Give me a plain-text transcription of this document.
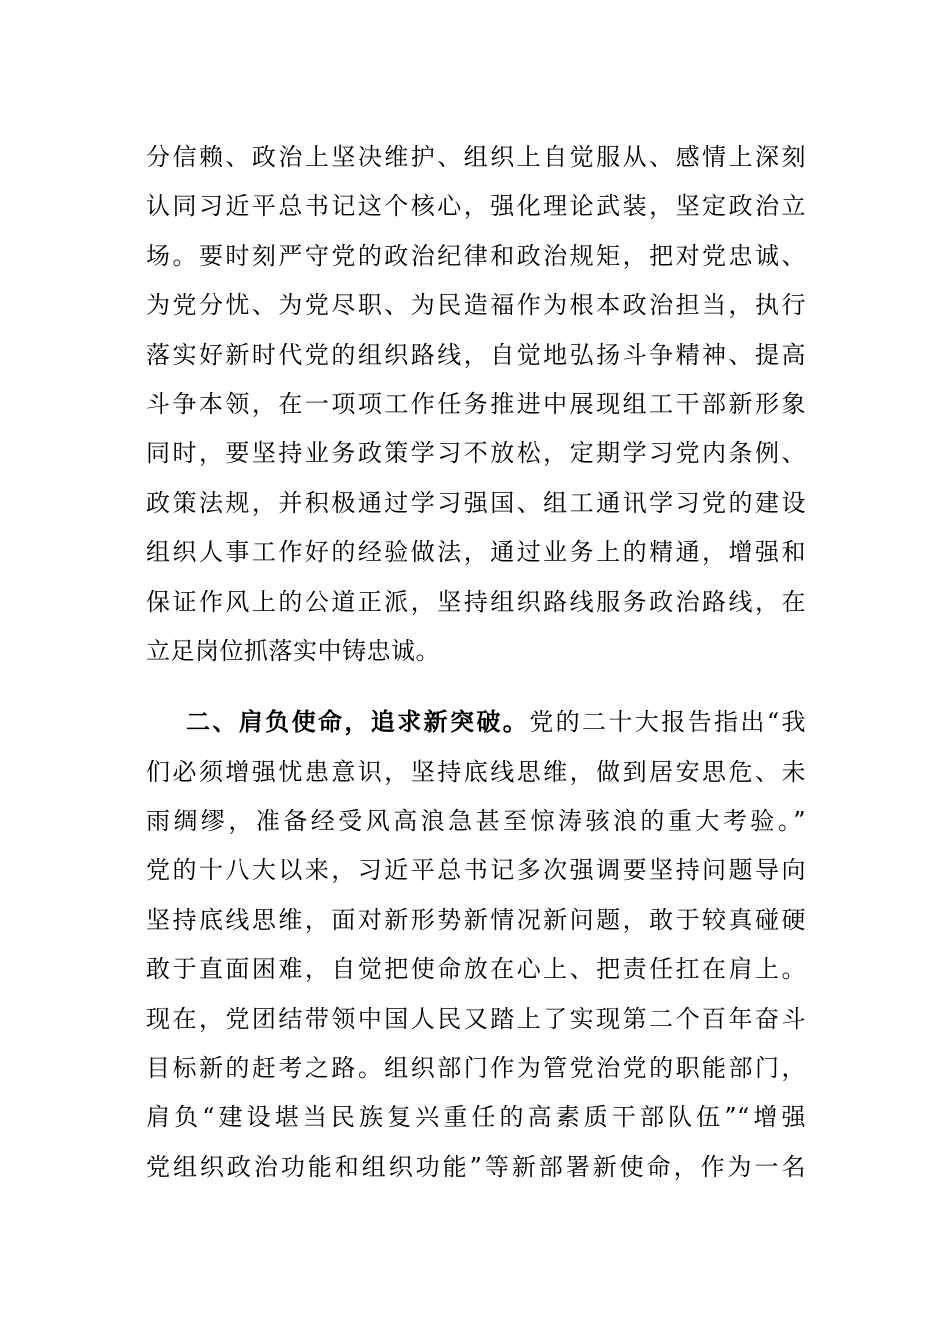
分信赖、政治上坚决维护、组织上自觉服从、感情上深刻
认同习近平总书记这个核心，强化理论武装，坚定政治立
场。要时刻严守党的政治纪律和政治规矩，把对党忠诚、
为党分忧、为党尽职、为民造福作为根本政治担当，执行
落实好新时代党的组织路线，自觉地弘扬斗争精神、提高
斗争本领，在一项项工作任务推进中展现组工干部新形象
同时，要坚持业务政策学习不放松，定期学习党内条例、
政策法规，并积极通过学习强国、组工通讯学习党的建设
组织人事工作好的经验做法，通过业务上的精通，增强和
保证作风上的公道正派，坚持组织路线服务政治路线，在
立足岗位抓落实中铸忠诚。
二、肩负使命，追求新突破。党的二十大报告指出“我
们必须增强忧患意识，坚持底线思维，做到居安思危、未
雨绸缪，准备经受风高浪急甚至惊涛骇浪的重大考验。”
党的十八大以来，习近平总书记多次强调要坚持问题导向
坚持底线思维，面对新形势新情况新问题，敢于较真碰硬
敢于直面困难，自觉把使命放在心上、把责任扛在肩上。
现在，党团结带领中国人民又踏上了实现第二个百年奋斗
目标新的赶考之路。组织部门作为管党治党的职能部门，
肩负“建设堪当民族复兴重任的高素质干部队伍”“增强
党组织政治功能和组织功能”等新部署新使命，作为一名
